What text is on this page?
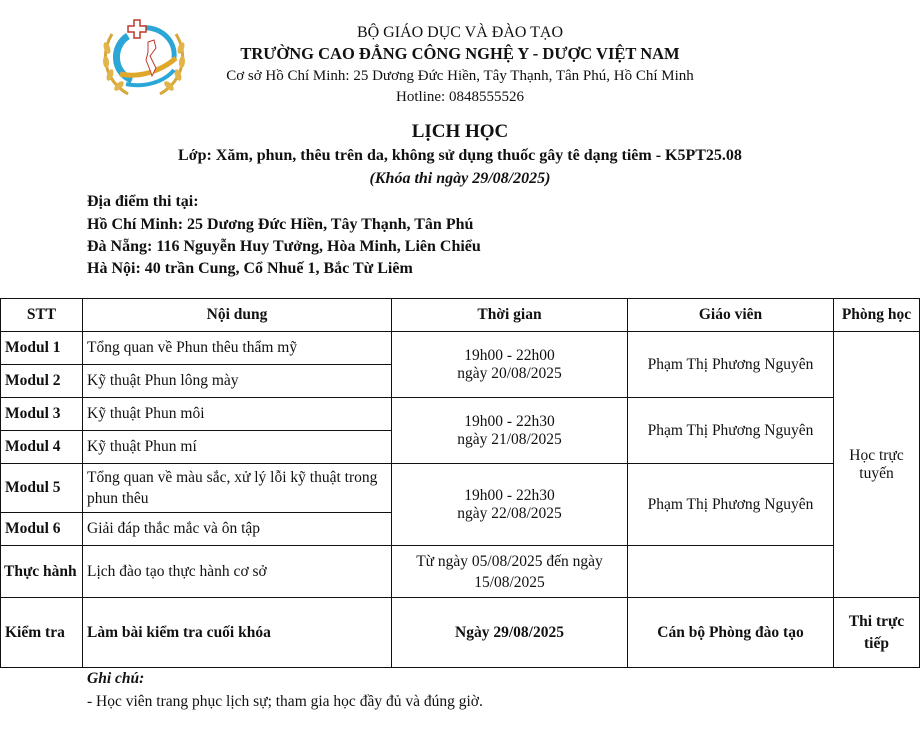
BỘ GIÁO DỤC VÀ ĐÀO TẠO
TRƯỜNG CAO ĐẲNG CÔNG NGHỆ Y - DƯỢC VIỆT NAM
Cơ sở Hồ Chí Minh: 25 Dương Đức Hiền, Tây Thạnh, Tân Phú, Hồ Chí Minh
Hotline: 0848555526
LỊCH HỌC
Lớp: Xăm, phun, thêu trên da, không sử dụng thuốc gây tê dạng tiêm - K5PT25.08
(Khóa thi ngày 29/08/2025)
Địa điểm thi tại:
Hồ Chí Minh: 25 Dương Đức Hiền, Tây Thạnh, Tân Phú
Đà Nẵng: 116 Nguyễn Huy Tưởng, Hòa Minh, Liên Chiểu
Hà Nội: 40 trần Cung, Cổ Nhuế 1, Bắc Từ Liêm
STT	Nội dung	Thời gian	Giáo viên	Phòng học
Modul 1	Tổng quan về Phun thêu thẩm mỹ	19h00 - 22h00
ngày 20/08/2025	Phạm Thị Phương Nguyên	Học trực tuyến
Modul 2	Kỹ thuật Phun lông mày			
Modul 3	Kỹ thuật Phun môi	19h00 - 22h30
ngày 21/08/2025	Phạm Thị Phương Nguyên	
Modul 4	Kỹ thuật Phun mí			
Modul 5	Tổng quan về màu sắc, xử lý lỗi kỹ thuật trong phun thêu	19h00 - 22h30
ngày 22/08/2025	Phạm Thị Phương Nguyên	
Modul 6	Giải đáp thắc mắc và ôn tập			
Thực hành	Lịch đào tạo thực hành cơ sở	Từ ngày 05/08/2025 đến ngày 15/08/2025		
Kiểm tra	Làm bài kiểm tra cuối khóa	Ngày 29/08/2025	Cán bộ Phòng đào tạo	Thi trực tiếp
Ghi chú:
- Học viên trang phục lịch sự; tham gia học đầy đủ và đúng giờ.
